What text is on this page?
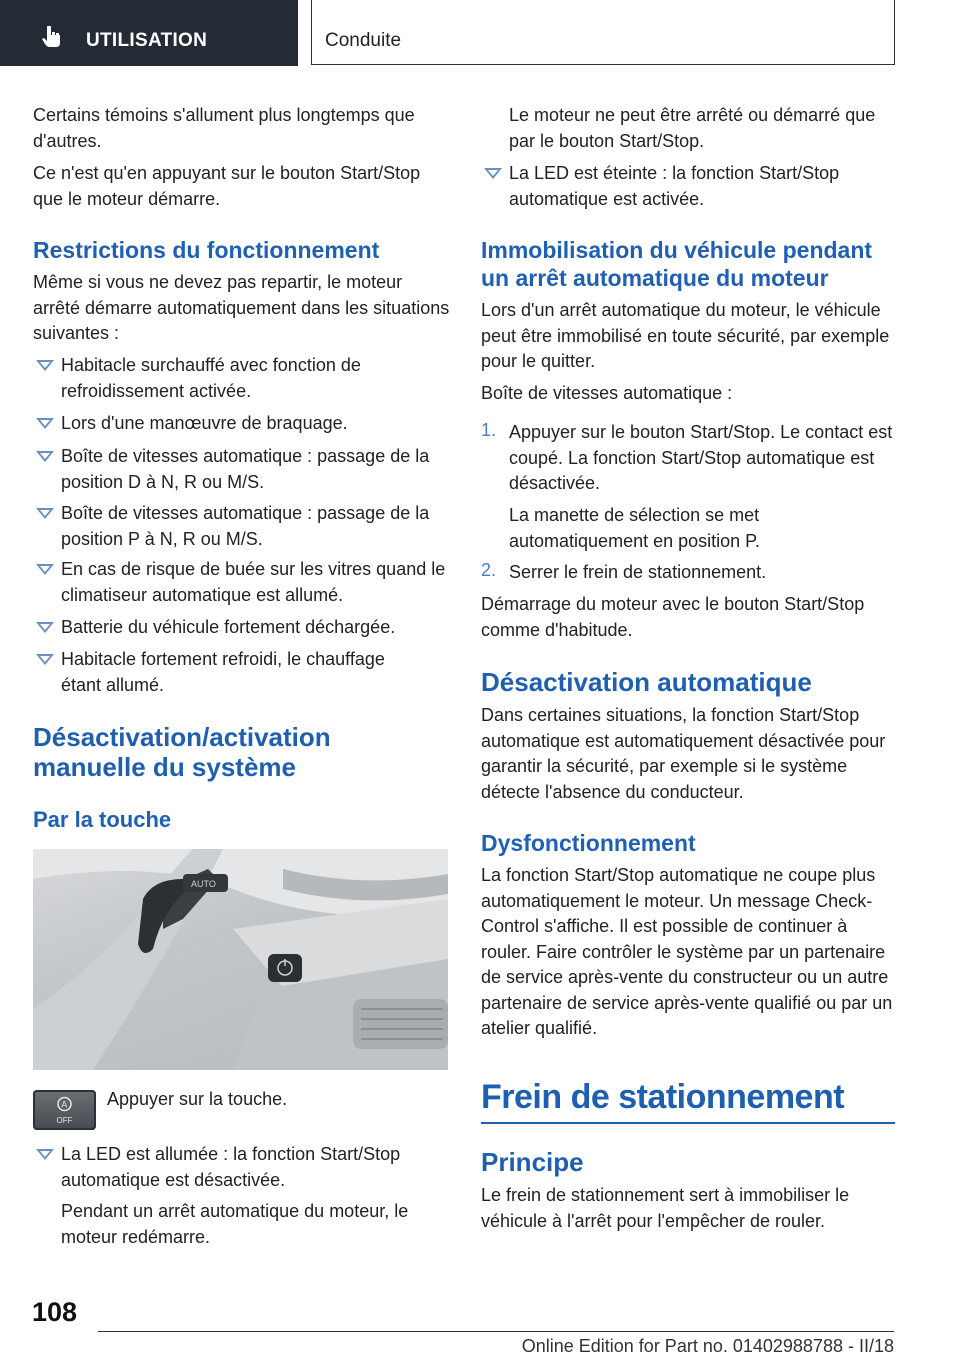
UTILISATION	Conduite
Certains témoins s'allument plus longtemps que d'autres.
Ce n'est qu'en appuyant sur le bouton Start/Stop que le moteur démarre.
Restrictions du fonctionnement
Même si vous ne devez pas repartir, le moteur arrêté démarre automatiquement dans les situations suivantes :
Habitacle surchauffé avec fonction de refroidissement activée.
Lors d'une manœuvre de braquage.
Boîte de vitesses automatique : passage de la position D à N, R ou M/S.
Boîte de vitesses automatique : passage de la position P à N, R ou M/S.
En cas de risque de buée sur les vitres quand le climatiseur automatique est allumé.
Batterie du véhicule fortement déchargée.
Habitacle fortement refroidi, le chauffage étant allumé.
Désactivation/activation manuelle du système
Par la touche
AUTO
A
OFF
Appuyer sur la touche.
La LED est allumée : la fonction Start/Stop automatique est désactivée.
Pendant un arrêt automatique du moteur, le moteur redémarre.
Le moteur ne peut être arrêté ou démarré que par le bouton Start/Stop.
La LED est éteinte : la fonction Start/Stop automatique est activée.
Immobilisation du véhicule pendant un arrêt automatique du moteur
Lors d'un arrêt automatique du moteur, le véhicule peut être immobilisé en toute sécurité, par exemple pour le quitter.
Boîte de vitesses automatique :
1. Appuyer sur le bouton Start/Stop. Le contact est coupé. La fonction Start/Stop automatique est désactivée.
La manette de sélection se met automatiquement en position P.
2. Serrer le frein de stationnement.
Démarrage du moteur avec le bouton Start/Stop comme d'habitude.
Désactivation automatique
Dans certaines situations, la fonction Start/Stop automatique est automatiquement désactivée pour garantir la sécurité, par exemple si le système détecte l'absence du conducteur.
Dysfonctionnement
La fonction Start/Stop automatique ne coupe plus automatiquement le moteur. Un message Check-Control s'affiche. Il est possible de continuer à rouler. Faire contrôler le système par un partenaire de service après-vente du constructeur ou un autre partenaire de service après-vente qualifié ou par un atelier qualifié.
Frein de stationnement
Principe
Le frein de stationnement sert à immobiliser le véhicule à l'arrêt pour l'empêcher de rouler.
108
Online Edition for Part no. 01402988788 - II/18
